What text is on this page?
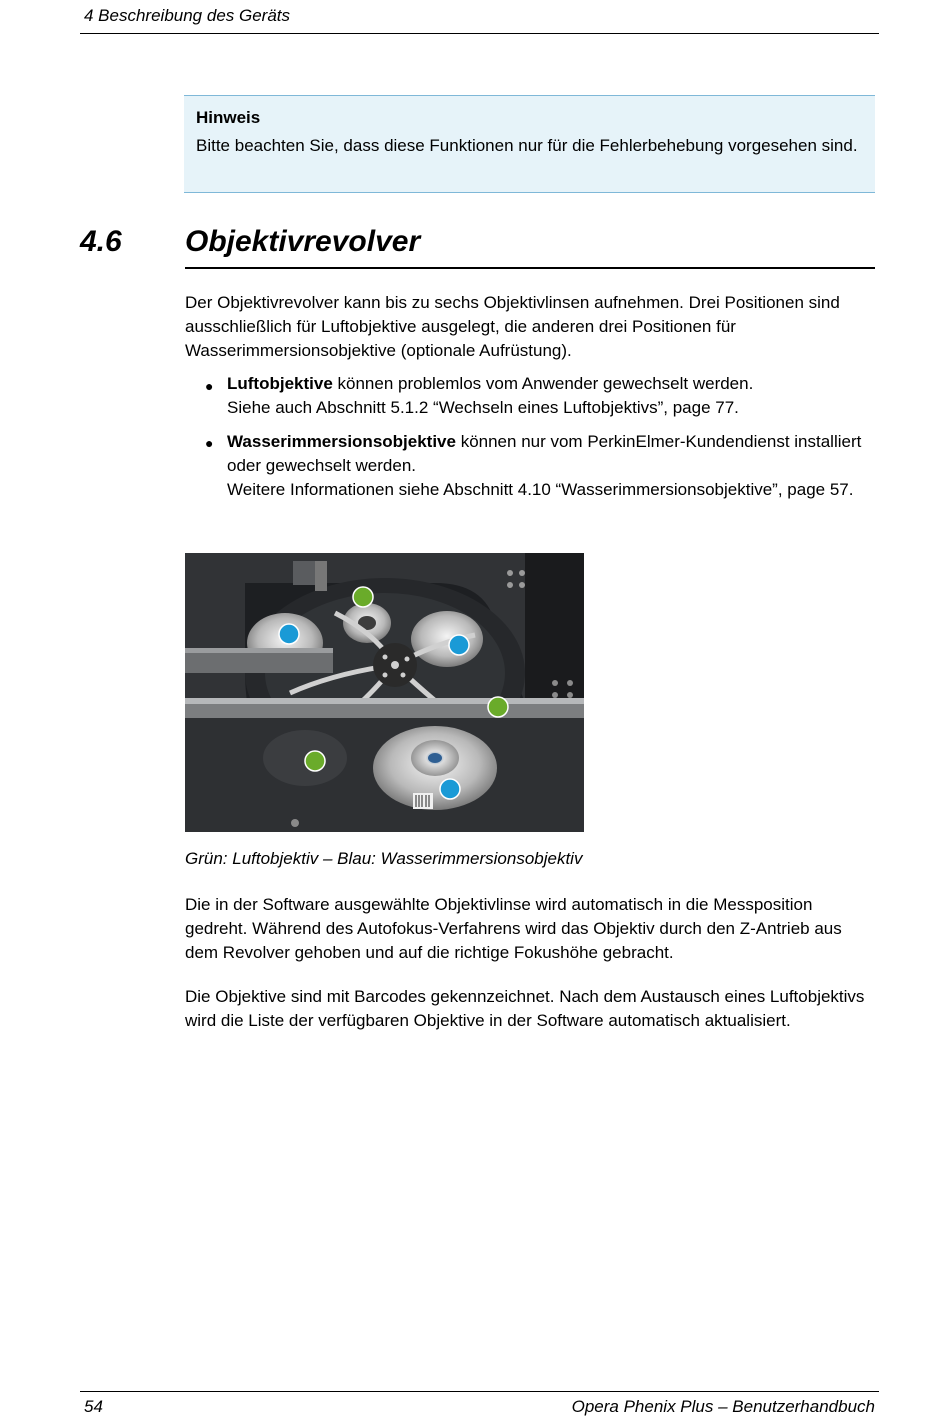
4 Beschreibung des Geräts
Hinweis
Bitte beachten Sie, dass diese Funktionen nur für die Fehlerbehebung vorgesehen sind.
4.6 Objektivrevolver
Der Objektivrevolver kann bis zu sechs Objektivlinsen aufnehmen. Drei Positionen sind ausschließlich für Luftobjektive ausgelegt, die anderen drei Positionen für Wasserimmersionsobjektive (optionale Aufrüstung).
● Luftobjektive können problemlos vom Anwender gewechselt werden.
Siehe auch Abschnitt 5.1.2 “Wechseln eines Luftobjektivs”, page 77.
● Wasserimmersionsobjektive können nur vom PerkinElmer-Kundendienst installiert oder gewechselt werden.
Weitere Informationen siehe Abschnitt 4.10 “Wasserimmersionsobjektive”, page 57.
Grün: Luftobjektiv – Blau: Wasserimmersionsobjektiv
Die in der Software ausgewählte Objektivlinse wird automatisch in die Messposition gedreht. Während des Autofokus-Verfahrens wird das Objektiv durch den Z-Antrieb aus dem Revolver gehoben und auf die richtige Fokushöhe gebracht.
Die Objektive sind mit Barcodes gekennzeichnet. Nach dem Austausch eines Luftobjektivs wird die Liste der verfügbaren Objektive in der Software automatisch aktualisiert.
54	Opera Phenix Plus – Benutzerhandbuch
